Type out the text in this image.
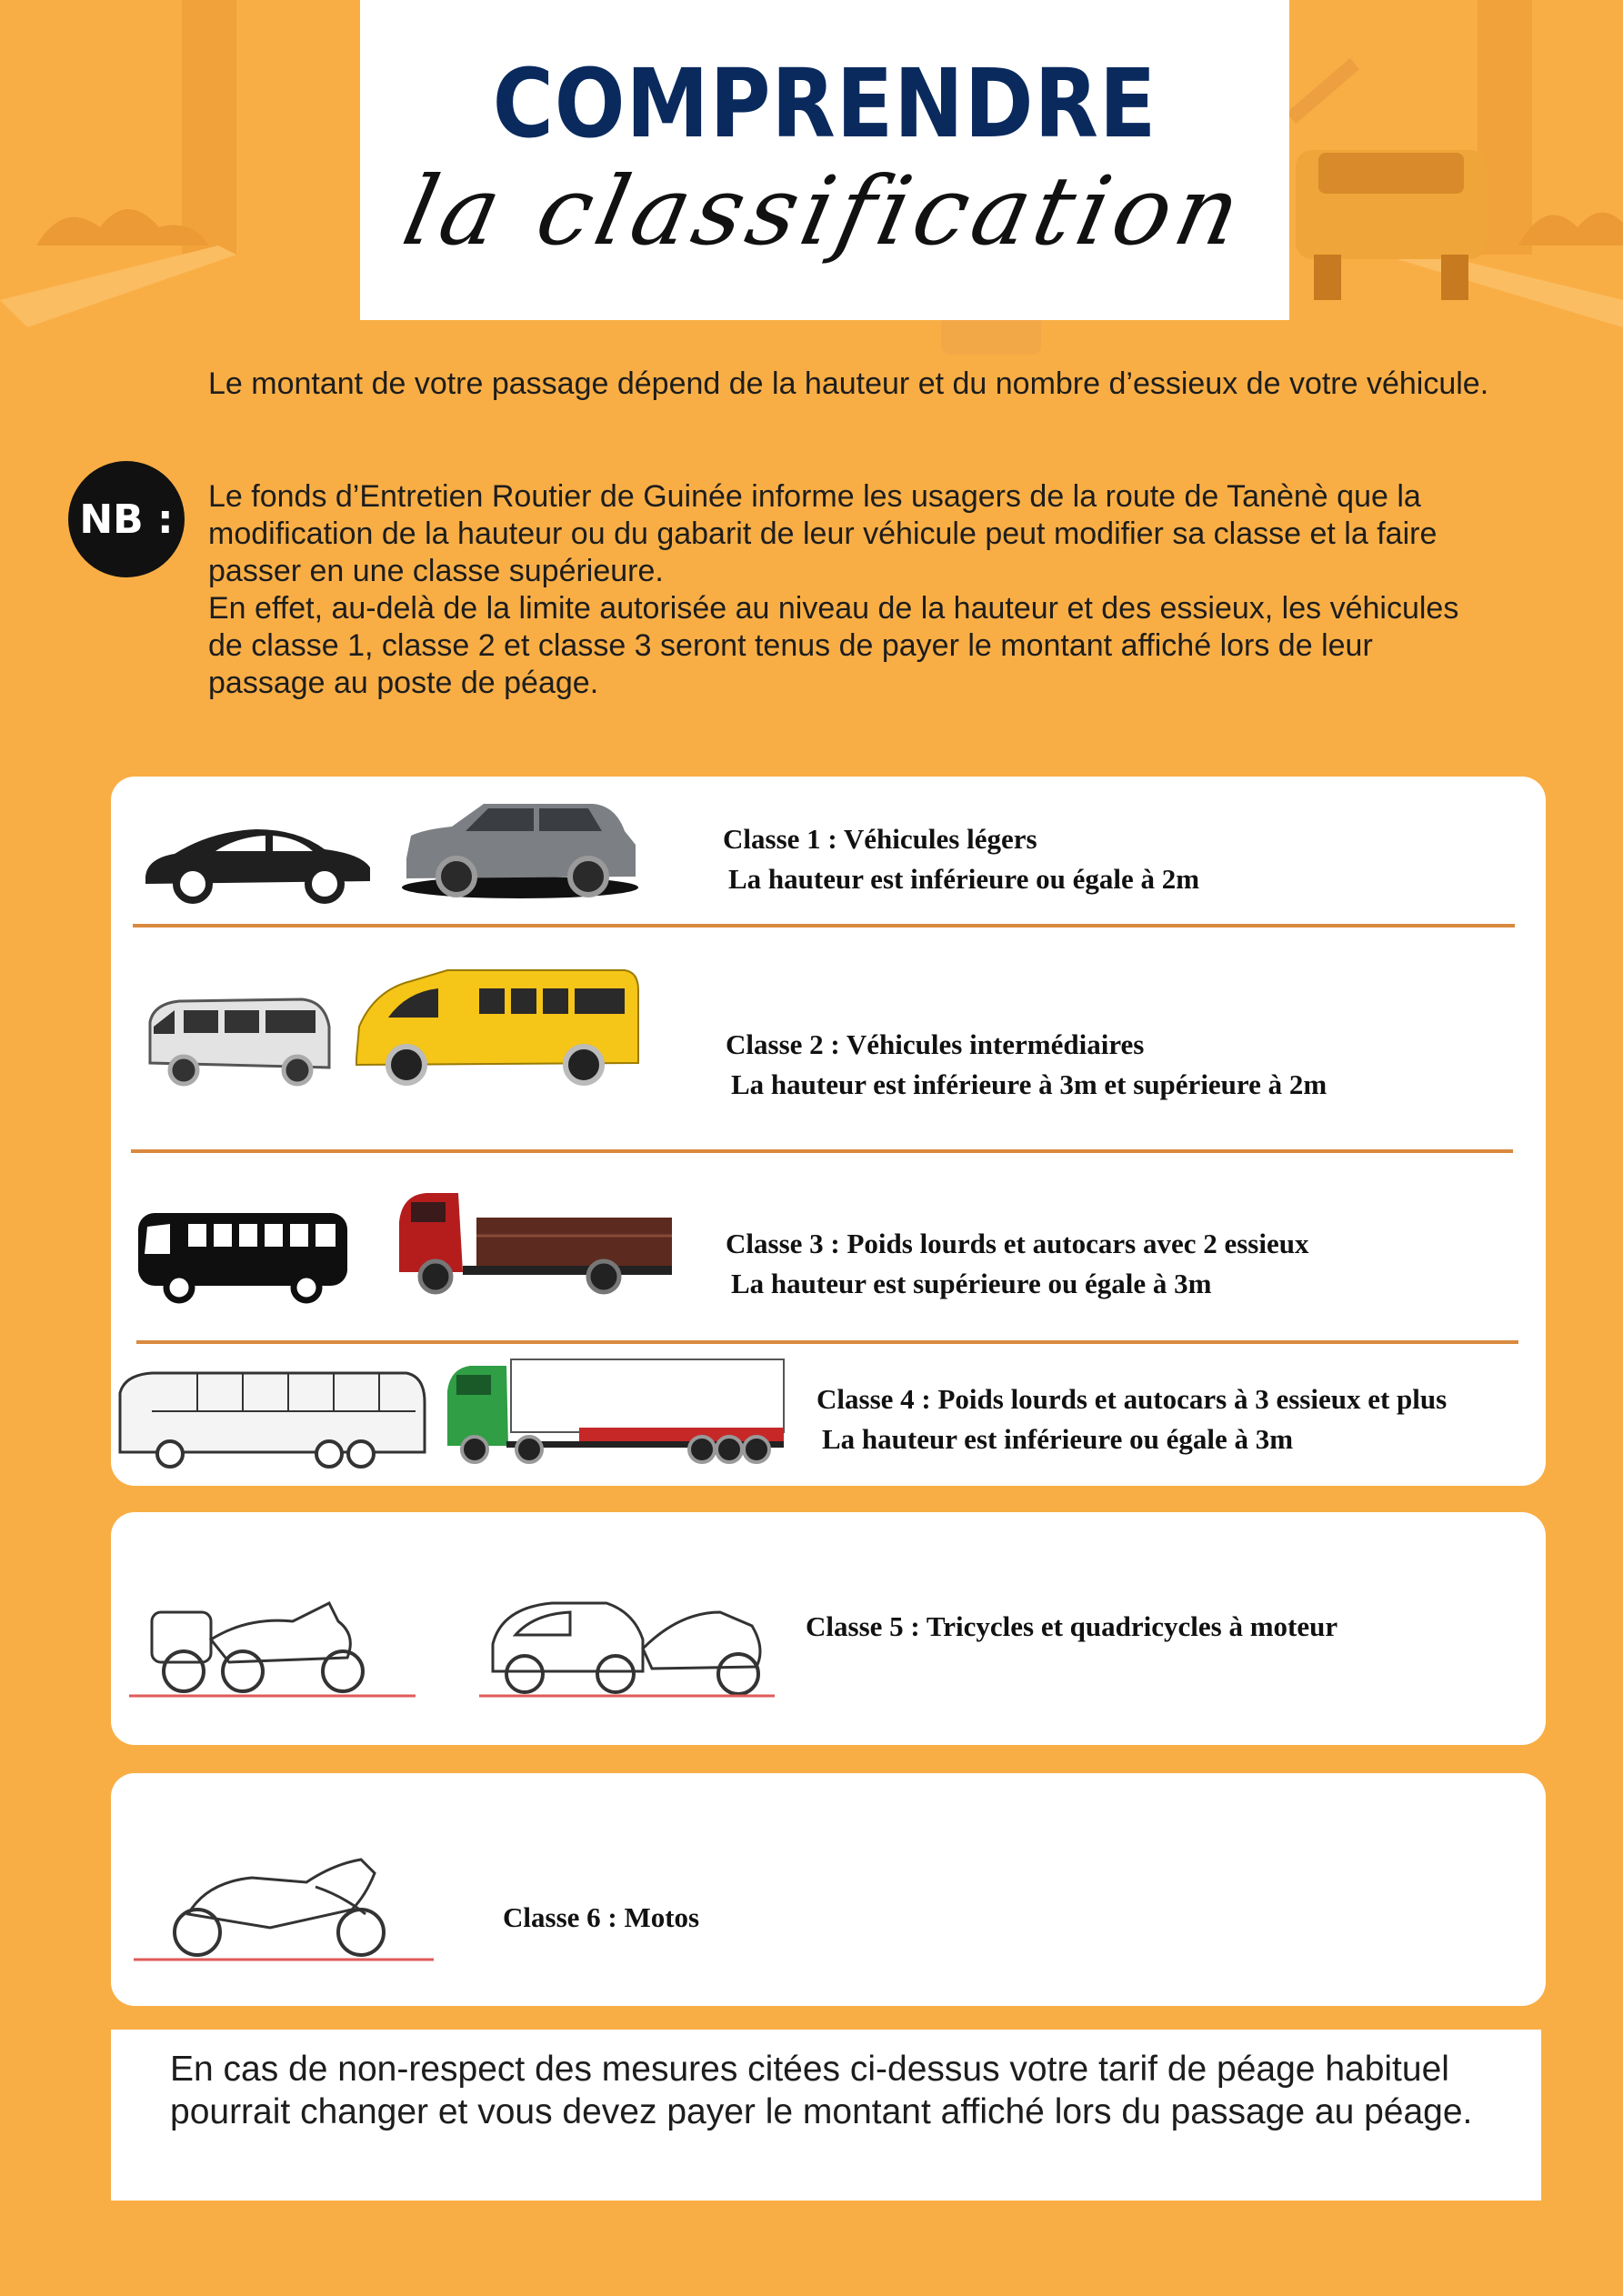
COMPRENDRE
la classification

Le montant de votre passage dépend de la hauteur et du nombre d’essieux de votre véhicule.

NB :	Le fonds d’Entretien Routier de Guinée informe les usagers de la route de Tanènè que la modification de la hauteur ou du gabarit de leur véhicule peut modifier sa classe et la faire passer en une classe supérieure.

En effet, au-delà de la limite autorisée au niveau de la hauteur et des essieux, les véhicules de classe 1, classe 2 et classe 3 seront tenus de payer le montant affiché lors de leur passage au poste de péage.

Classe 1 : Véhicules légers
La hauteur est inférieure ou égale à 2m
Classe 2 : Véhicules intermédiaires
La hauteur est inférieure à 3m et supérieure à 2m
Classe 3 : Poids lourds et autocars avec 2 essieux
La hauteur est supérieure ou égale à 3m
Classe 4 : Poids lourds et autocars à 3 essieux et plus
La hauteur est inférieure ou égale à 3m
Classe 5 : Tricycles et quadricycles à moteur
Classe 6 : Motos

En cas de non-respect des mesures citées ci-dessus votre tarif de péage habituel pourrait changer et vous devez payer le montant affiché lors du passage au péage.
